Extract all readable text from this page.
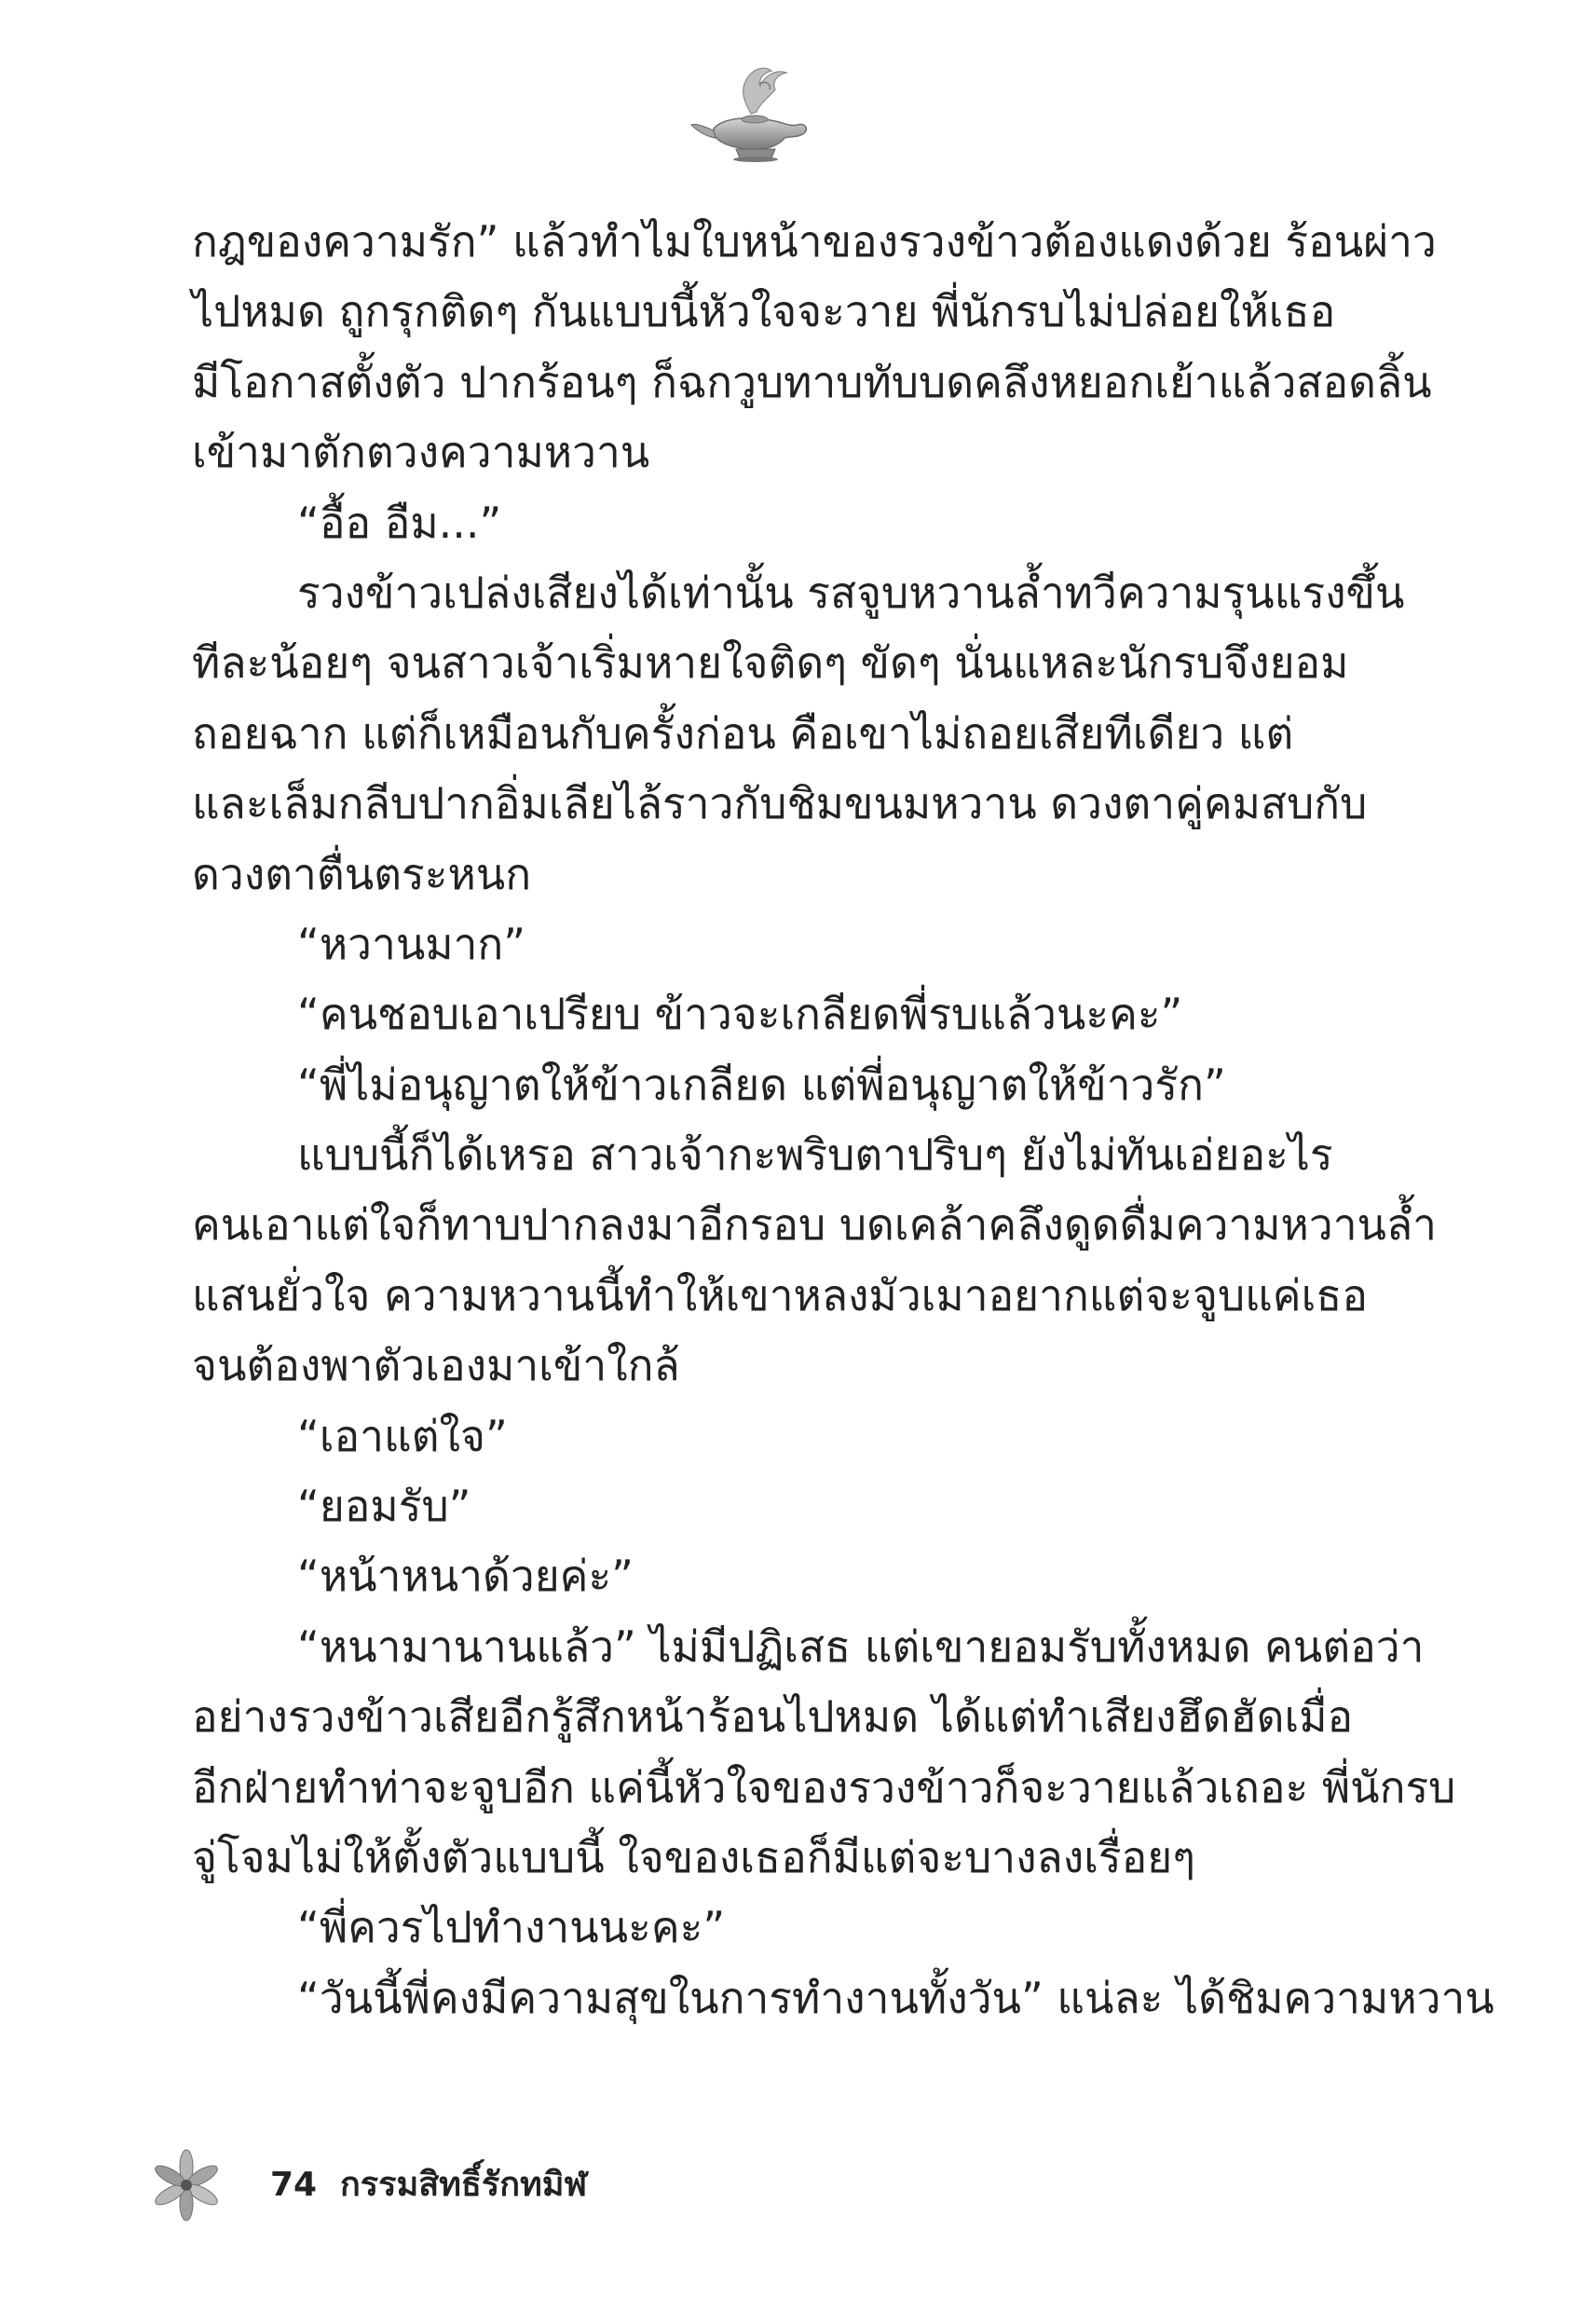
กฎของความรัก” แล้วทำไมใบหน้าของรวงข้าวต้องแดงด้วย ร้อนผ่าว
ไปหมด ถูกรุกติดๆ กันแบบนี้หัวใจจะวาย พี่นักรบไม่ปล่อยให้เธอ
มีโอกาสตั้งตัว ปากร้อนๆ ก็ฉกวูบทาบทับบดคลึงหยอกเย้าแล้วสอดลิ้น
เข้ามาตักตวงความหวาน
“อื้อ อืม...”
รวงข้าวเปล่งเสียงได้เท่านั้น รสจูบหวานล้ำทวีความรุนแรงขึ้น
ทีละน้อยๆ จนสาวเจ้าเริ่มหายใจติดๆ ขัดๆ นั่นแหละนักรบจึงยอม
ถอยฉาก แต่ก็เหมือนกับครั้งก่อน คือเขาไม่ถอยเสียทีเดียว แต่
และเล็มกลีบปากอิ่มเลียไล้ราวกับชิมขนมหวาน ดวงตาคู่คมสบกับ
ดวงตาตื่นตระหนก
“หวานมาก”
“คนชอบเอาเปรียบ ข้าวจะเกลียดพี่รบแล้วนะคะ”
“พี่ไม่อนุญาตให้ข้าวเกลียด แต่พี่อนุญาตให้ข้าวรัก”
แบบนี้ก็ได้เหรอ สาวเจ้ากะพริบตาปริบๆ ยังไม่ทันเอ่ยอะไร
คนเอาแต่ใจก็ทาบปากลงมาอีกรอบ บดเคล้าคลึงดูดดื่มความหวานล้ำ
แสนยั่วใจ ความหวานนี้ทำให้เขาหลงมัวเมาอยากแต่จะจูบแค่เธอ
จนต้องพาตัวเองมาเข้าใกล้
“เอาแต่ใจ”
“ยอมรับ”
“หน้าหนาด้วยค่ะ”
“หนามานานแล้ว” ไม่มีปฏิเสธ แต่เขายอมรับทั้งหมด คนต่อว่า
อย่างรวงข้าวเสียอีกรู้สึกหน้าร้อนไปหมด ได้แต่ทำเสียงฮึดฮัดเมื่อ
อีกฝ่ายทำท่าจะจูบอีก แค่นี้หัวใจของรวงข้าวก็จะวายแล้วเถอะ พี่นักรบ
จู่โจมไม่ให้ตั้งตัวแบบนี้ ใจของเธอก็มีแต่จะบางลงเรื่อยๆ
“พี่ควรไปทำงานนะคะ”
“วันนี้พี่คงมีความสุขในการทำงานทั้งวัน” แน่ละ ได้ชิมความหวาน
74 กรรมสิทธิ์รักทมิฬ
